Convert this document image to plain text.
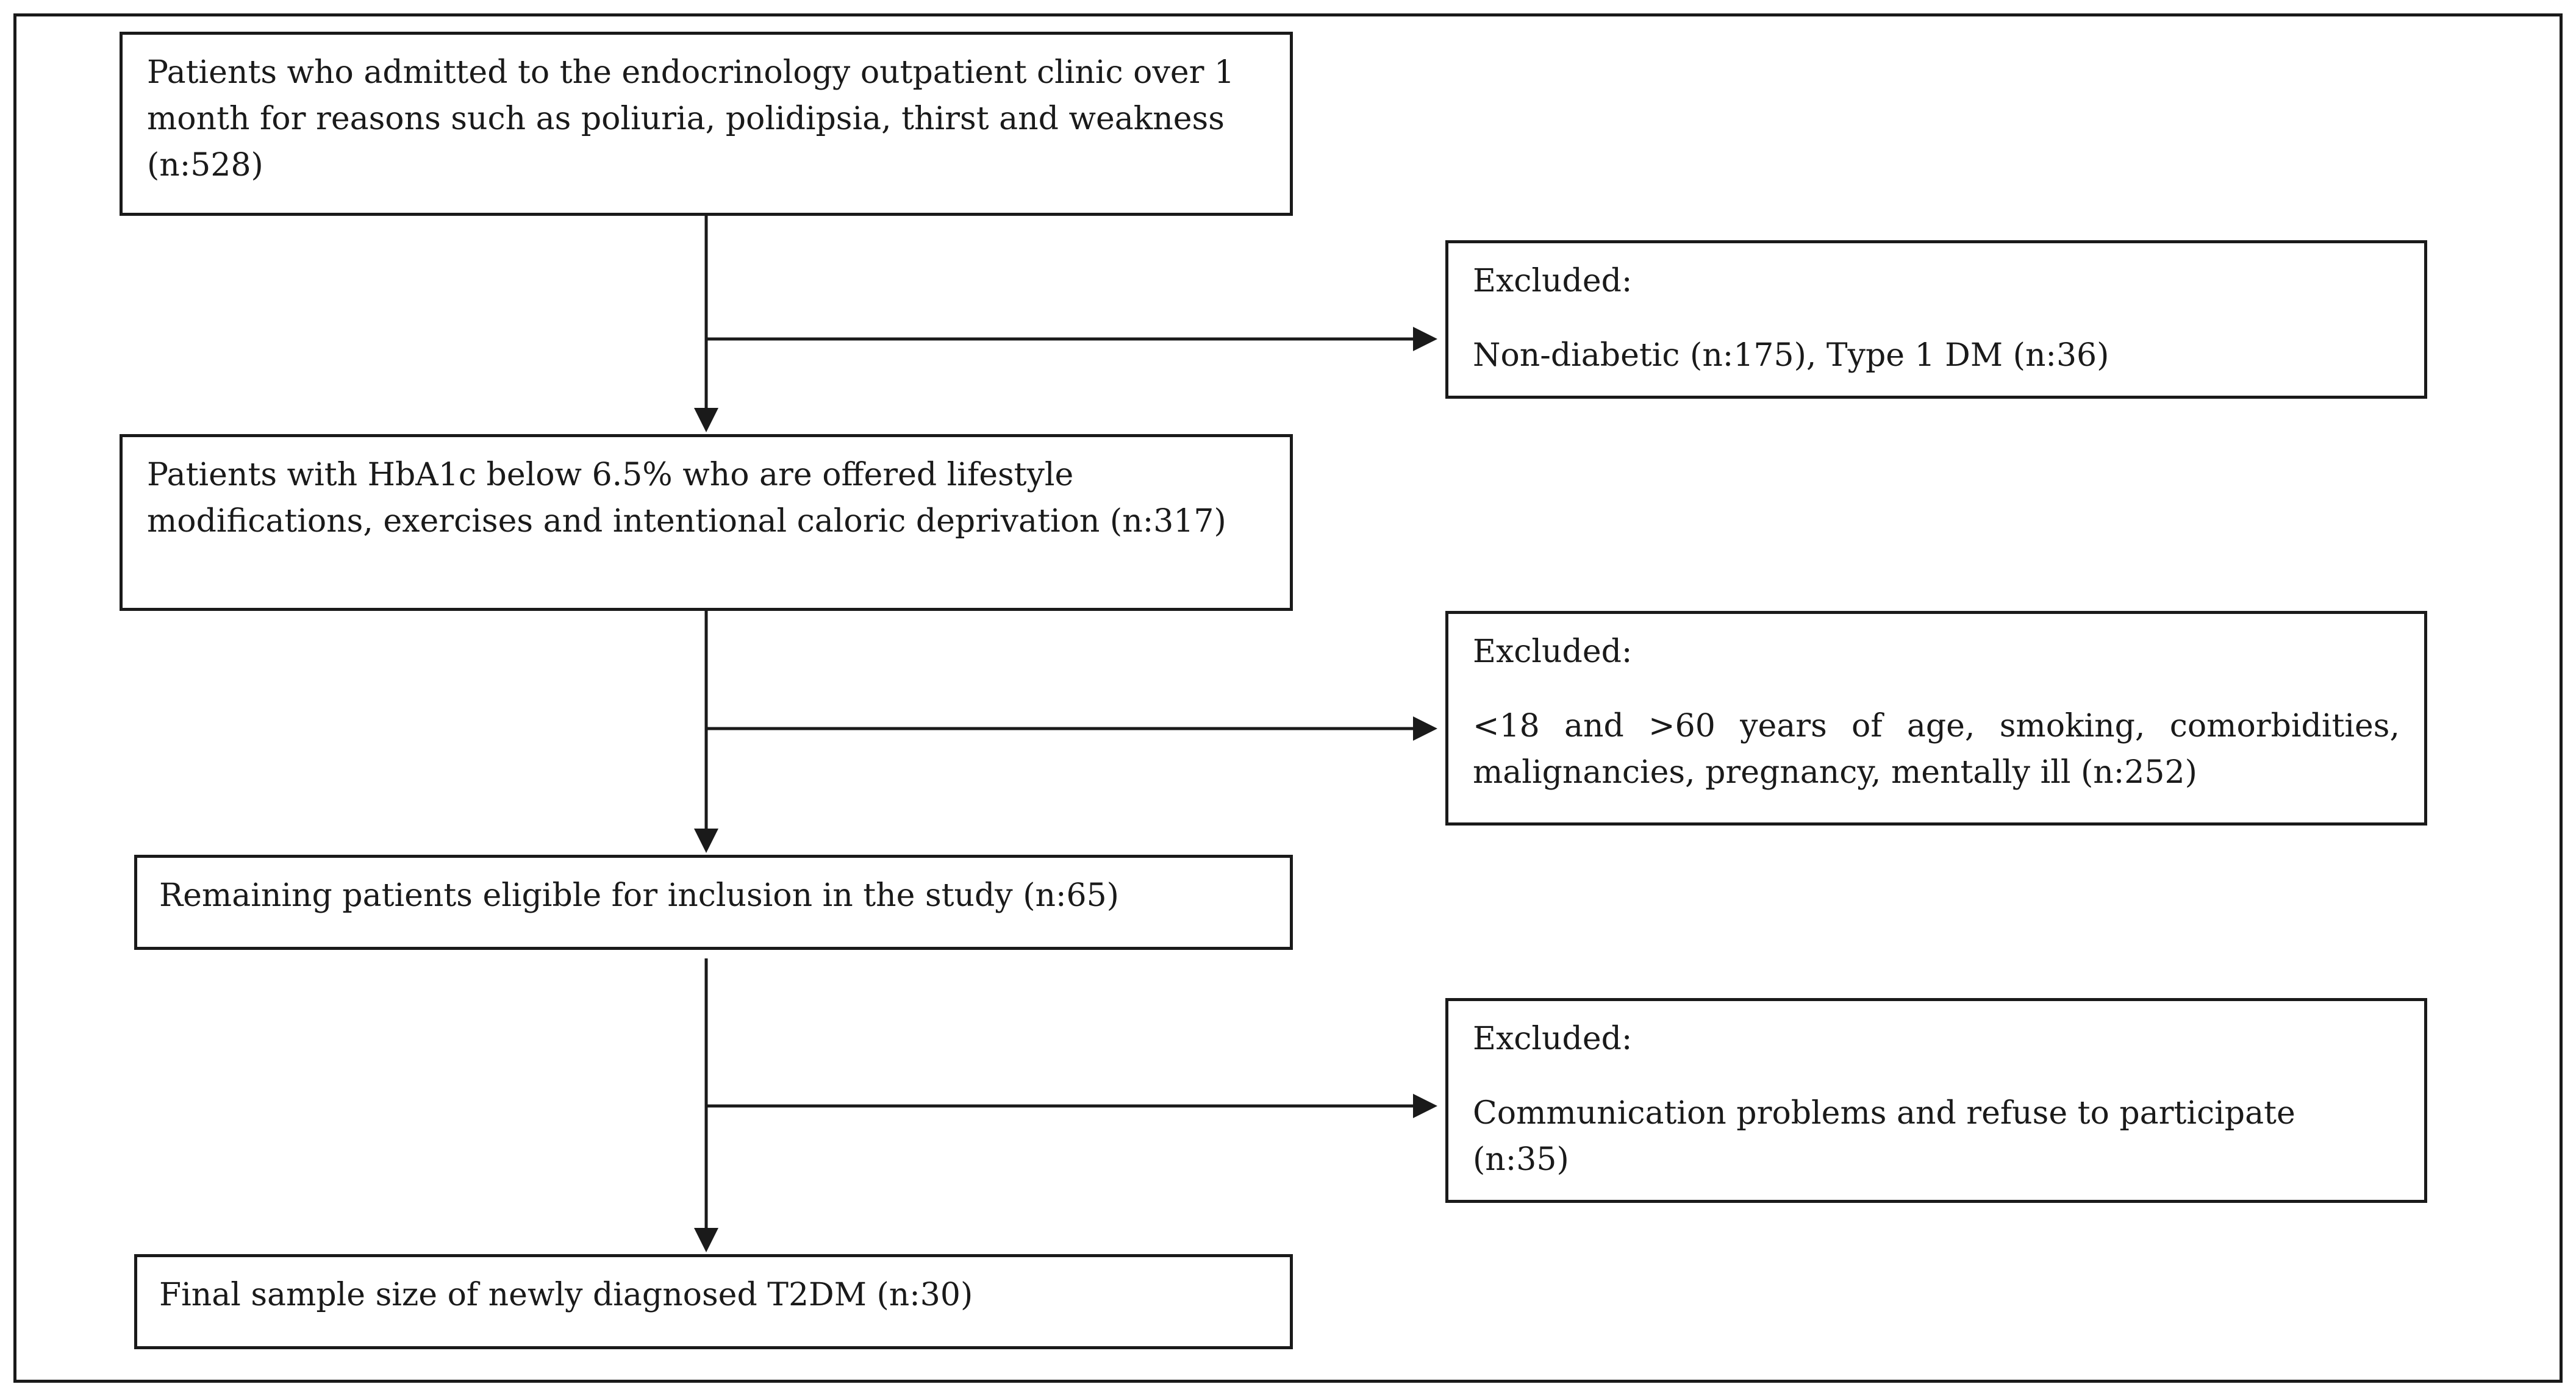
Patients who admitted to the endocrinology outpatient clinic over 1 month for reasons such as poliuria, polidipsia, thirst and weakness (n:528)

Patients with HbA1c below 6.5% who are offered lifestyle modifications, exercises and intentional caloric deprivation (n:317)

Remaining patients eligible for inclusion in the study (n:65)

Final sample size of newly diagnosed T2DM (n:30)

Excluded:

Non-diabetic (n:175), Type 1 DM (n:36)

Excluded:

<18 and >60 years of age, smoking, comorbidities, malignancies, pregnancy, mentally ill (n:252)

Excluded:

Communication problems and refuse to participate (n:35)
